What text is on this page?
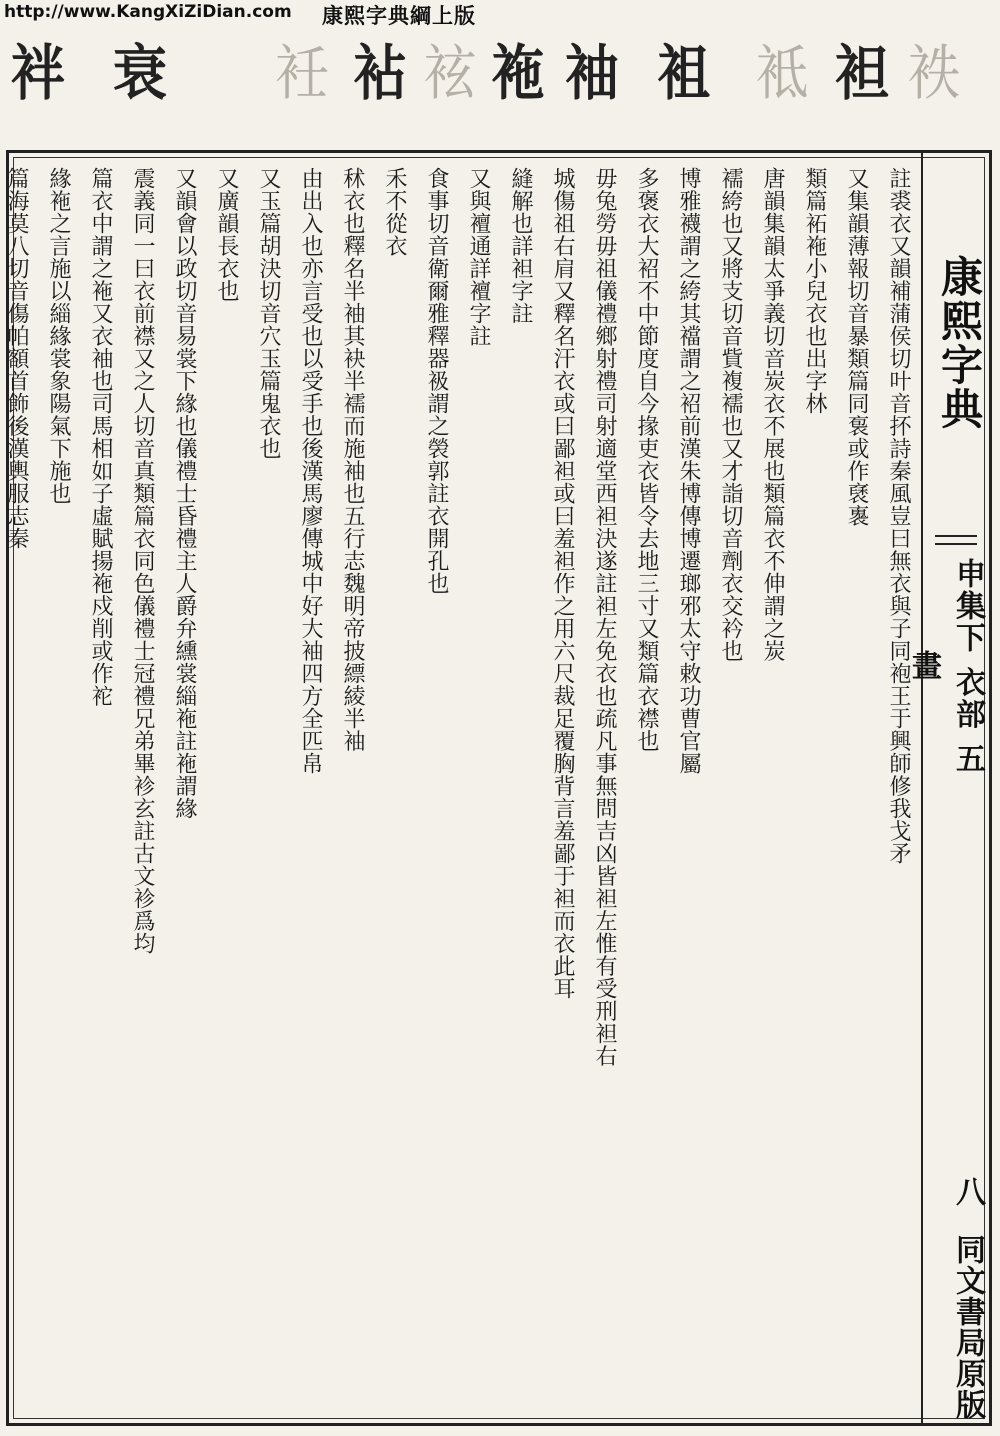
http://www.KangXiZiDian.com 康熙字典綱上版
袢 衰 衽 袩 袨 袘 袖 袓 袛 袒 袟
註裘衣又韻補蒲侯切叶音抔詩秦風豈曰無衣與子同袍王于興師修我戈矛
又集韻薄報切音暴類篇同袌或作褎褢
類篇袥袘小兒衣也出字林
唐韻集韻太爭義切音炭衣不展也類篇衣不伸謂之炭
襦絝也又將支切音貲複襦也又才詣切音劑衣交衿也
博雅襪謂之絝其襠謂之袑前漢朱博傳博遷瑯邪太守敕功曹官屬
多褒衣大袑不中節度自今掾吏衣皆令去地三寸又類篇衣襟也
毋兔勞毋祖儀禮鄉射禮司射適堂西袒決遂註袒左免衣也疏凡事無問吉凶皆袒左惟有受刑袒右
城傷祖右肩又釋名汗衣或曰鄙袒或曰羞袒作之用六尺裁足覆胸背言羞鄙于袒而衣此耳
縫解也詳袒字註
又與襢通詳襢字註
食事切音衛爾雅釋器衱謂之褮郭註衣開孔也
禾不從衣
秫衣也釋名半袖其袂半襦而施袖也五行志魏明帝披縹綾半袖
由出入也亦言受也以受手也後漢馬廖傳城中好大袖四方全匹帛
又玉篇胡決切音穴玉篇鬼衣也
又廣韻長衣也
又韻會以政切音易裳下緣也儀禮士昏禮主人爵弁纁裳緇袘註袘謂緣
震義同一曰衣前襟又之人切音真類篇衣同色儀禮士冠禮兄弟畢袗玄註古文袗爲均
篇衣中謂之袘又衣袖也司馬相如子虛賦揚袘戍削或作袉
緣袘之言施以緇緣裳象陽氣下施也
篇海莫八切音傷帕額首飾後漢輿服志秦	康熙字典
申集下 衣部 五畫
八
同文書局原版
